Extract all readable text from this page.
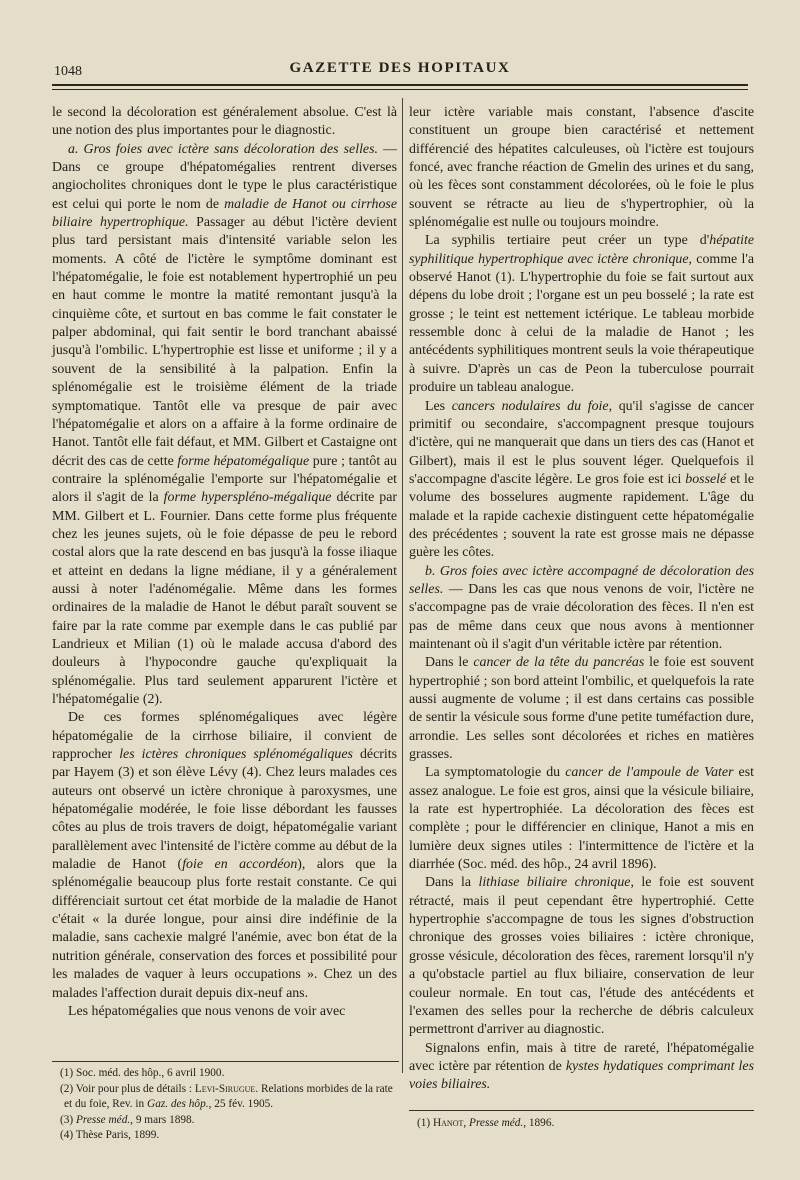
1048	GAZETTE DES HOPITAUX

le second la décoloration est généralement absolue. C'est là une notion des plus importantes pour le diagnostic.

a. Gros foies avec ictère sans décoloration des selles. — Dans ce groupe d'hépatomégalies rentrent diverses angiocholites chroniques dont le type le plus caractéristique est celui qui porte le nom de maladie de Hanot ou cirrhose biliaire hypertrophique. Passager au début l'ictère devient plus tard persistant mais d'intensité variable selon les moments. A côté de l'ictère le symptôme dominant est l'hépatomégalie, le foie est notablement hypertrophié un peu en haut comme le montre la matité remontant jusqu'à la cinquième côte, et surtout en bas comme le fait constater le palper abdominal, qui fait sentir le bord tranchant abaissé jusqu'à l'ombilic. L'hypertrophie est lisse et uniforme ; il y a souvent de la sensibilité à la palpation. Enfin la splénomégalie est le troisième élément de la triade symptomatique. Tantôt elle va presque de pair avec l'hépatomégalie et alors on a affaire à la forme ordinaire de Hanot. Tantôt elle fait défaut, et MM. Gilbert et Castaigne ont décrit des cas de cette forme hépatomégalique pure ; tantôt au contraire la splénomégalie l'emporte sur l'hépatomégalie et alors il s'agit de la forme hyperspléno-mégalique décrite par MM. Gilbert et L. Fournier. Dans cette forme plus fréquente chez les jeunes sujets, où le foie dépasse de peu le rebord costal alors que la rate descend en bas jusqu'à la fosse iliaque et atteint en dedans la ligne médiane, il y a généralement aussi à noter l'adénomégalie. Même dans les formes ordinaires de la maladie de Hanot le début paraît souvent se faire par la rate comme par exemple dans le cas publié par Landrieux et Milian (1) où le malade accusa d'abord des douleurs à l'hypocondre gauche qu'expliquait la splénomégalie. Plus tard seulement apparurent l'ictère et l'hépatomégalie (2).

De ces formes splénomégaliques avec légère hépatomégalie de la cirrhose biliaire, il convient de rapprocher les ictères chroniques splénomégaliques décrits par Hayem (3) et son élève Lévy (4). Chez leurs malades ces auteurs ont observé un ictère chronique à paroxysmes, une hépatomégalie modérée, le foie lisse débordant les fausses côtes au plus de trois travers de doigt, hépatomégalie variant parallèlement avec l'intensité de l'ictère comme au début de la maladie de Hanot (foie en accordéon), alors que la splénomégalie beaucoup plus forte restait constante. Ce qui différenciait surtout cet état morbide de la maladie de Hanot c'était « la durée longue, pour ainsi dire indéfinie de la maladie, sans cachexie malgré l'anémie, avec bon état de la nutrition générale, conservation des forces et possibilité pour les malades de vaquer à leurs occupations ». Chez un des malades l'affection durait depuis dix-neuf ans.

Les hépatomégalies que nous venons de voir avec

leur ictère variable mais constant, l'absence d'ascite constituent un groupe bien caractérisé et nettement différencié des hépatites calculeuses, où l'ictère est toujours foncé, avec franche réaction de Gmelin des urines et du sang, où les fèces sont constamment décolorées, où le foie le plus souvent se rétracte au lieu de s'hypertrophier, où la splénomégalie est nulle ou toujours moindre.

La syphilis tertiaire peut créer un type d'hépatite syphilitique hypertrophique avec ictère chronique, comme l'a observé Hanot (1). L'hypertrophie du foie se fait surtout aux dépens du lobe droit ; l'organe est un peu bosselé ; la rate est grosse ; le teint est nettement ictérique. Le tableau morbide ressemble donc à celui de la maladie de Hanot ; les antécédents syphilitiques montrent seuls la voie thérapeutique à suivre. D'après un cas de Peon la tuberculose pourrait produire un tableau analogue.

Les cancers nodulaires du foie, qu'il s'agisse de cancer primitif ou secondaire, s'accompagnent presque toujours d'ictère, qui ne manquerait que dans un tiers des cas (Hanot et Gilbert), mais il est le plus souvent léger. Quelquefois il s'accompagne d'ascite légère. Le gros foie est ici bosselé et le volume des bosselures augmente rapidement. L'âge du malade et la rapide cachexie distinguent cette hépatomégalie des précédentes ; souvent la rate est grosse mais ne dépasse guère les côtes.

b. Gros foies avec ictère accompagné de décoloration des selles. — Dans les cas que nous venons de voir, l'ictère ne s'accompagne pas de vraie décoloration des fèces. Il n'en est pas de même dans ceux que nous avons à mentionner maintenant où il s'agit d'un véritable ictère par rétention.

Dans le cancer de la tête du pancréas le foie est souvent hypertrophié ; son bord atteint l'ombilic, et quelquefois la rate aussi augmente de volume ; il est dans certains cas possible de sentir la vésicule sous forme d'une petite tuméfaction dure, arrondie. Les selles sont décolorées et riches en matières grasses.

La symptomatologie du cancer de l'ampoule de Vater est assez analogue. Le foie est gros, ainsi que la vésicule biliaire, la rate est hypertrophiée. La décoloration des fèces est complète ; pour le différencier en clinique, Hanot a mis en lumière deux signes utiles : l'intermittence de l'ictère et la diarrhée (Soc. méd. des hôp., 24 avril 1896).

Dans la lithiase biliaire chronique, le foie est souvent rétracté, mais il peut cependant être hypertrophié. Cette hypertrophie s'accompagne de tous les signes d'obstruction chronique des grosses voies biliaires : ictère chronique, grosse vésicule, décoloration des fèces, rarement lorsqu'il n'y a qu'obstacle partiel au flux biliaire, conservation de leur couleur normale. En tout cas, l'étude des antécédents et l'examen des selles pour la recherche de débris calculeux permettront d'arriver au diagnostic.

Signalons enfin, mais à titre de rareté, l'hépatomégalie avec ictère par rétention de kystes hydatiques comprimant les voies biliaires.

(1) Soc. méd. des hôp., 6 avril 1900.

(2) Voir pour plus de détails : Levi-Sirugue. Relations morbides de la rate et du foie, Rev. in Gaz. des hôp., 25 fév. 1905.

(3) Presse méd., 9 mars 1898.

(4) Thèse Paris, 1899.

(1) Hanot, Presse méd., 1896.
